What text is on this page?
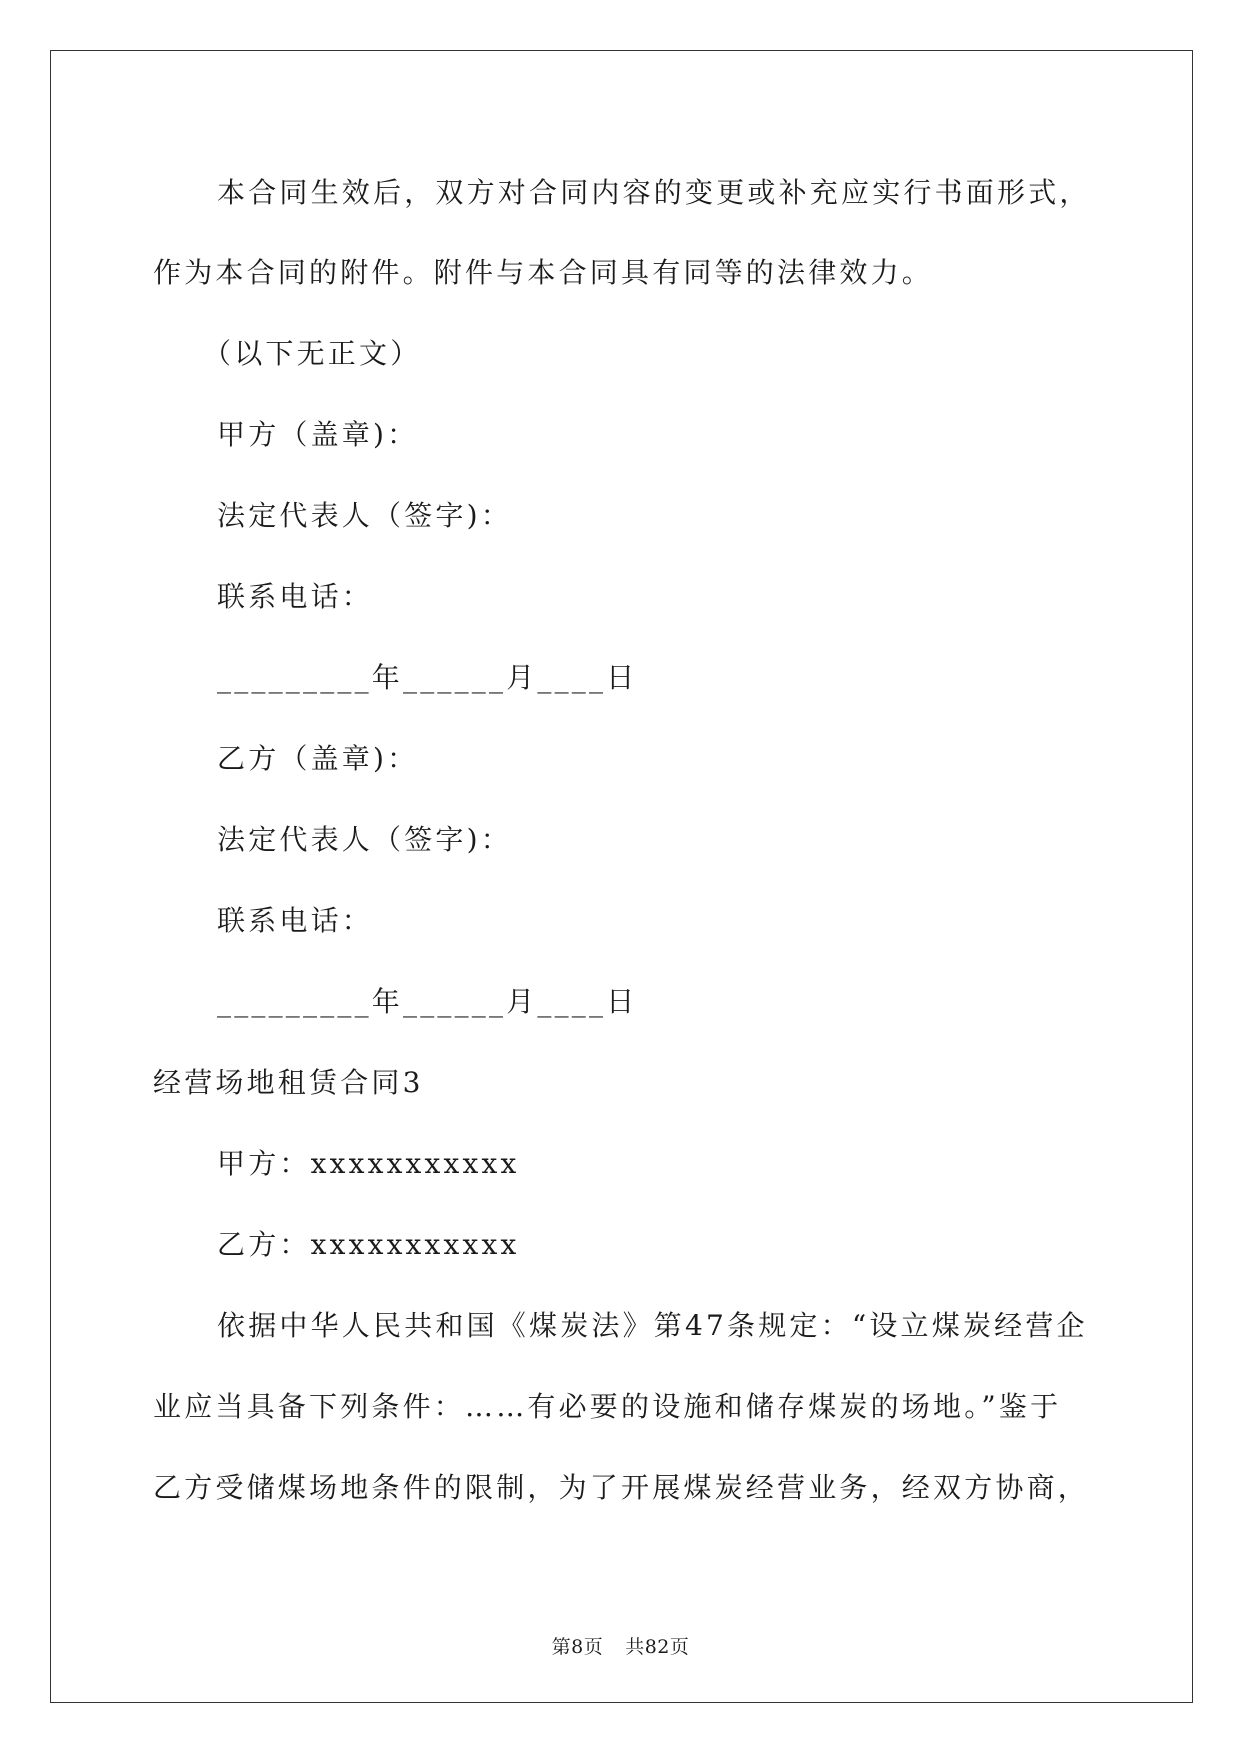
本合同生效后，双方对合同内容的变更或补充应实行书面形式，
作为本合同的附件。附件与本合同具有同等的法律效力。
（以下无正文）
甲方（盖章)：
法定代表人（签字)：
联系电话：
_________年______月____日
乙方（盖章)：
法定代表人（签字)：
联系电话：
_________年______月____日
经营场地租赁合同3
甲方：xxxxxxxxxxx
乙方：xxxxxxxxxxx
依据中华人民共和国《煤炭法》第47条规定：“设立煤炭经营企
业应当具备下列条件：……有必要的设施和储存煤炭的场地。”鉴于
乙方受储煤场地条件的限制，为了开展煤炭经营业务，经双方协商，
第8页 共82页
